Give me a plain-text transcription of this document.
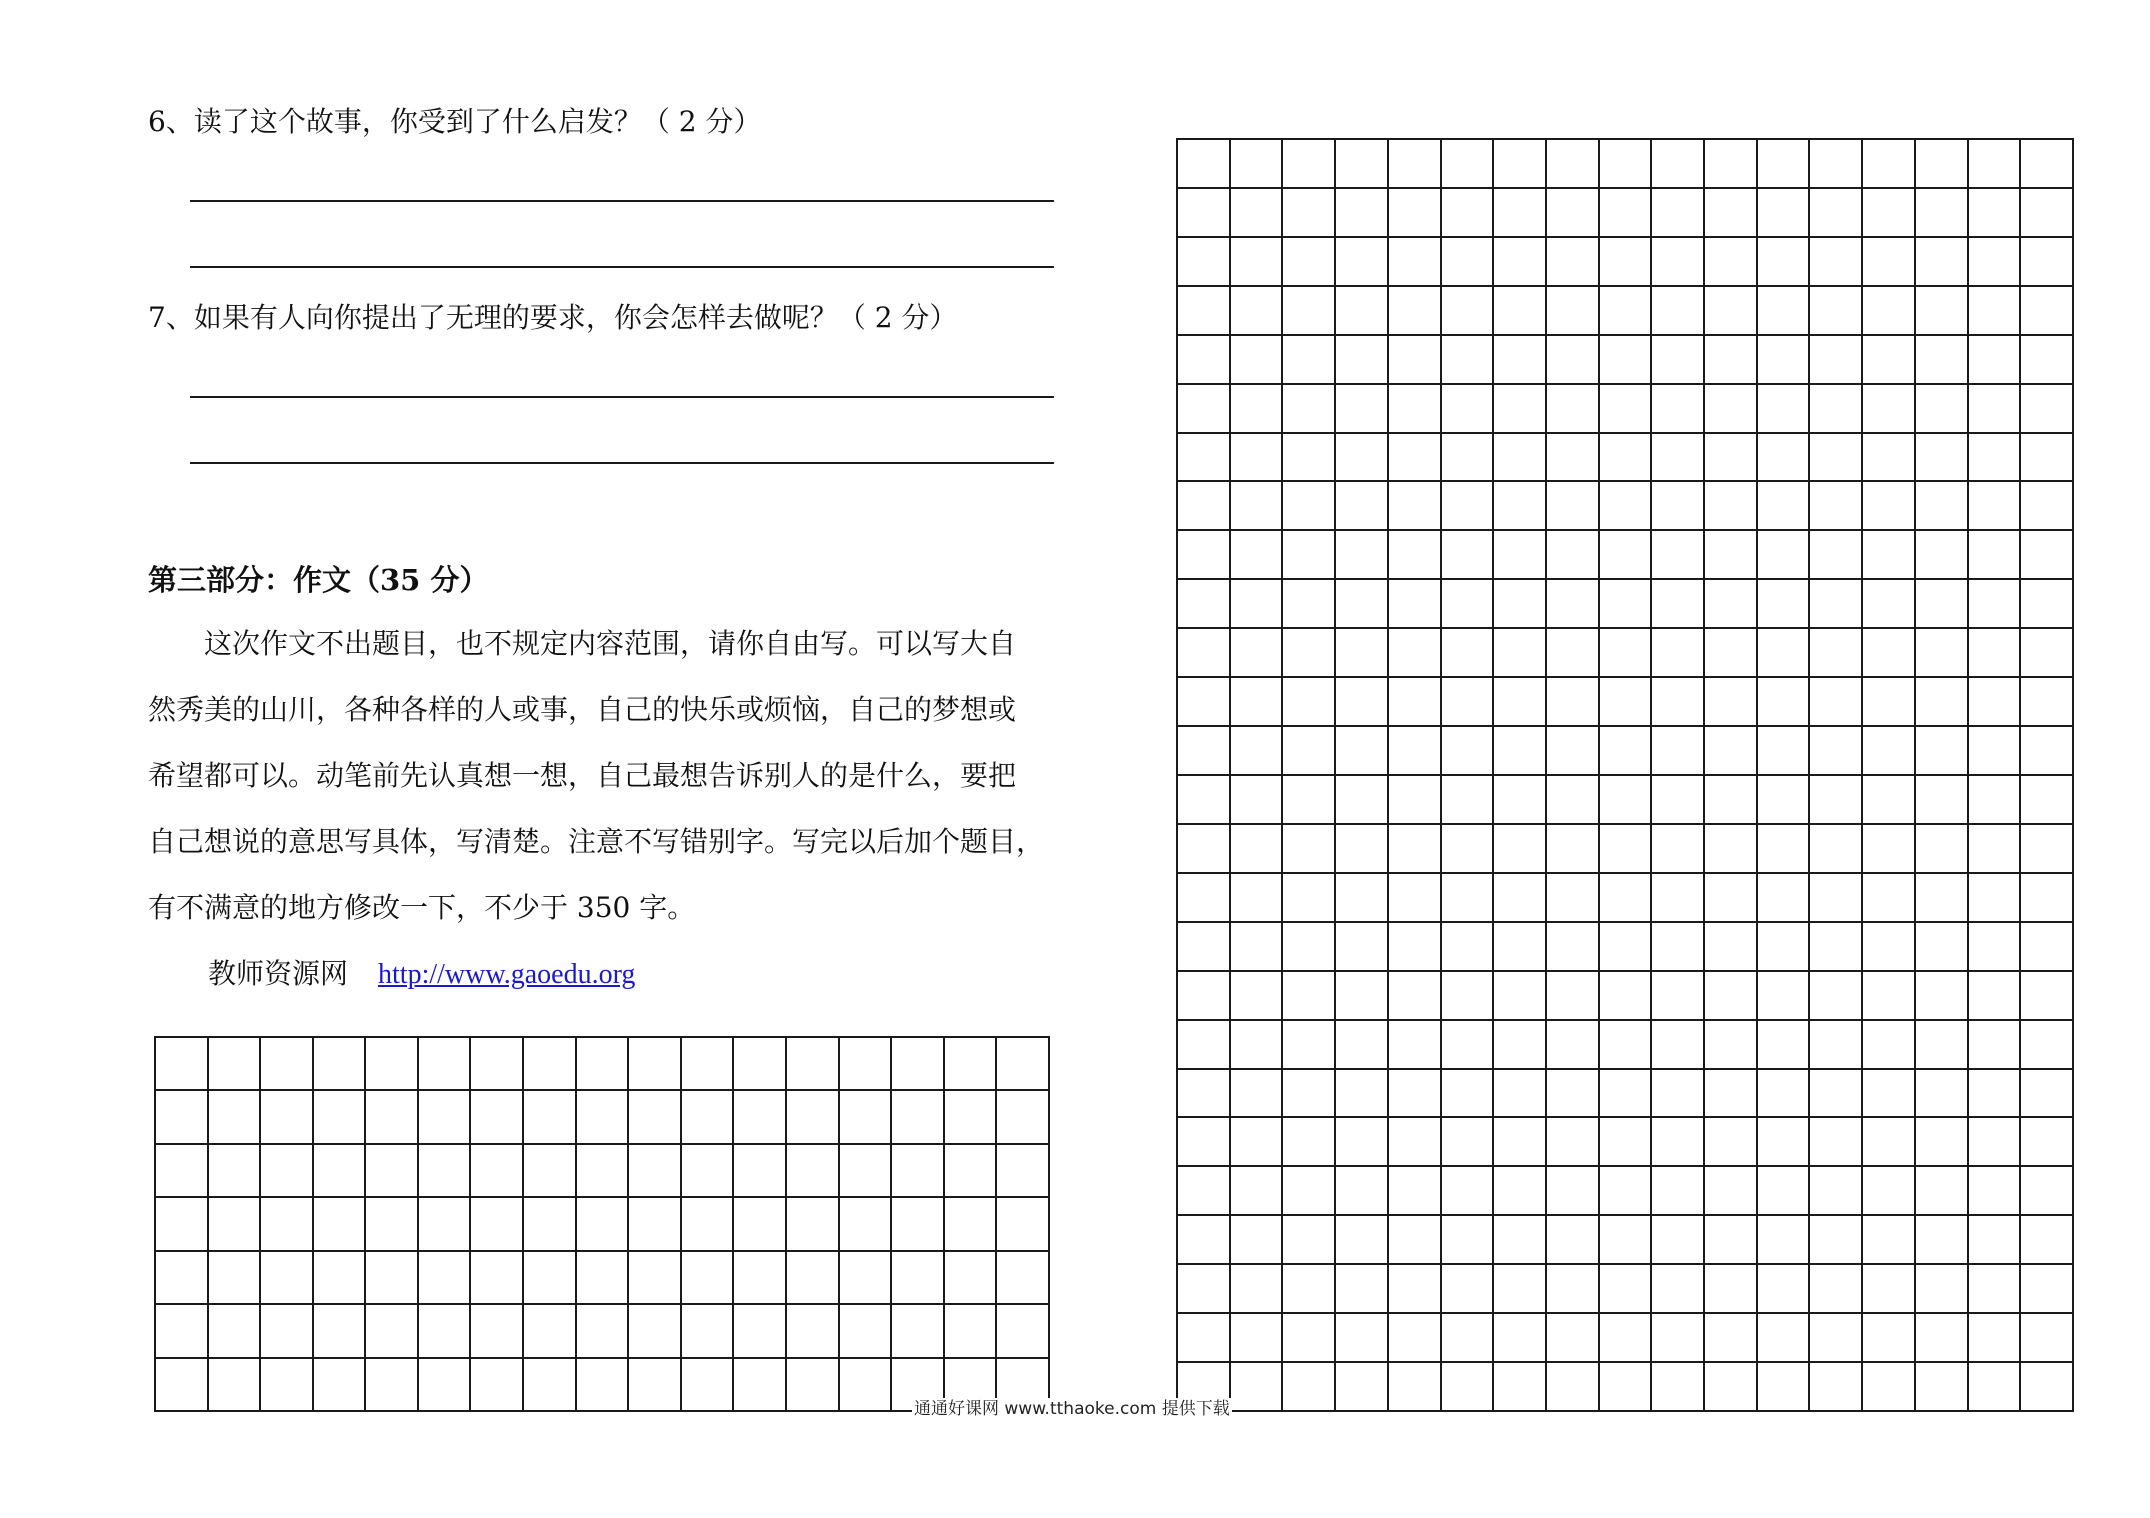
6、读了这个故事，你受到了什么启发？（ 2 分）
7、如果有人向你提出了无理的要求，你会怎样去做呢？（ 2 分）
第三部分：作文（35 分）
　　这次作文不出题目，也不规定内容范围，请你自由写。可以写大自
然秀美的山川，各种各样的人或事，自己的快乐或烦恼，自己的梦想或
希望都可以。动笔前先认真想一想，自己最想告诉别人的是什么，要把
自己想说的意思写具体，写清楚。注意不写错别字。写完以后加个题目，
有不满意的地方修改一下，不少于 350 字。
教师资源网 http://www.gaoedu.org

通通好课网 www.tthaoke.com 提供下载
